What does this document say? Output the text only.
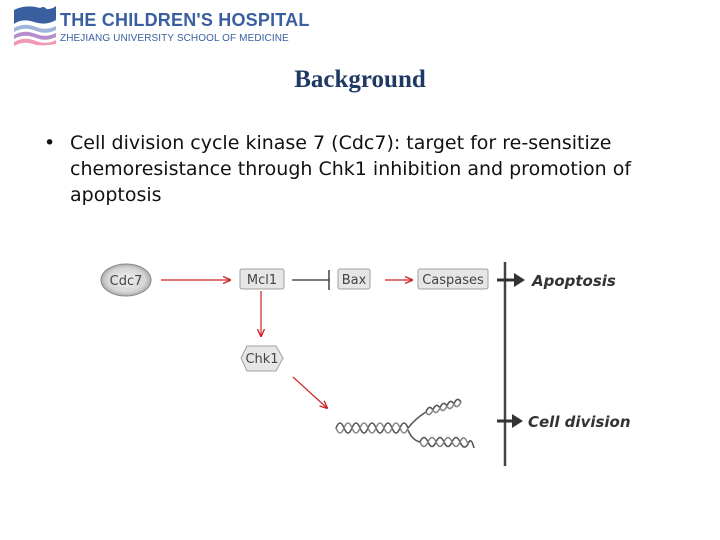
THE CHILDREN'S HOSPITAL
ZHEJIANG UNIVERSITY SCHOOL OF MEDICINE
Background
• Cell division cycle kinase 7 (Cdc7): target for re-sensitize chemoresistance through Chk1 inhibition and promotion of apoptosis
Cdc7	Mcl1	Bax	Caspases
Chk1
Apoptosis
Cell division
